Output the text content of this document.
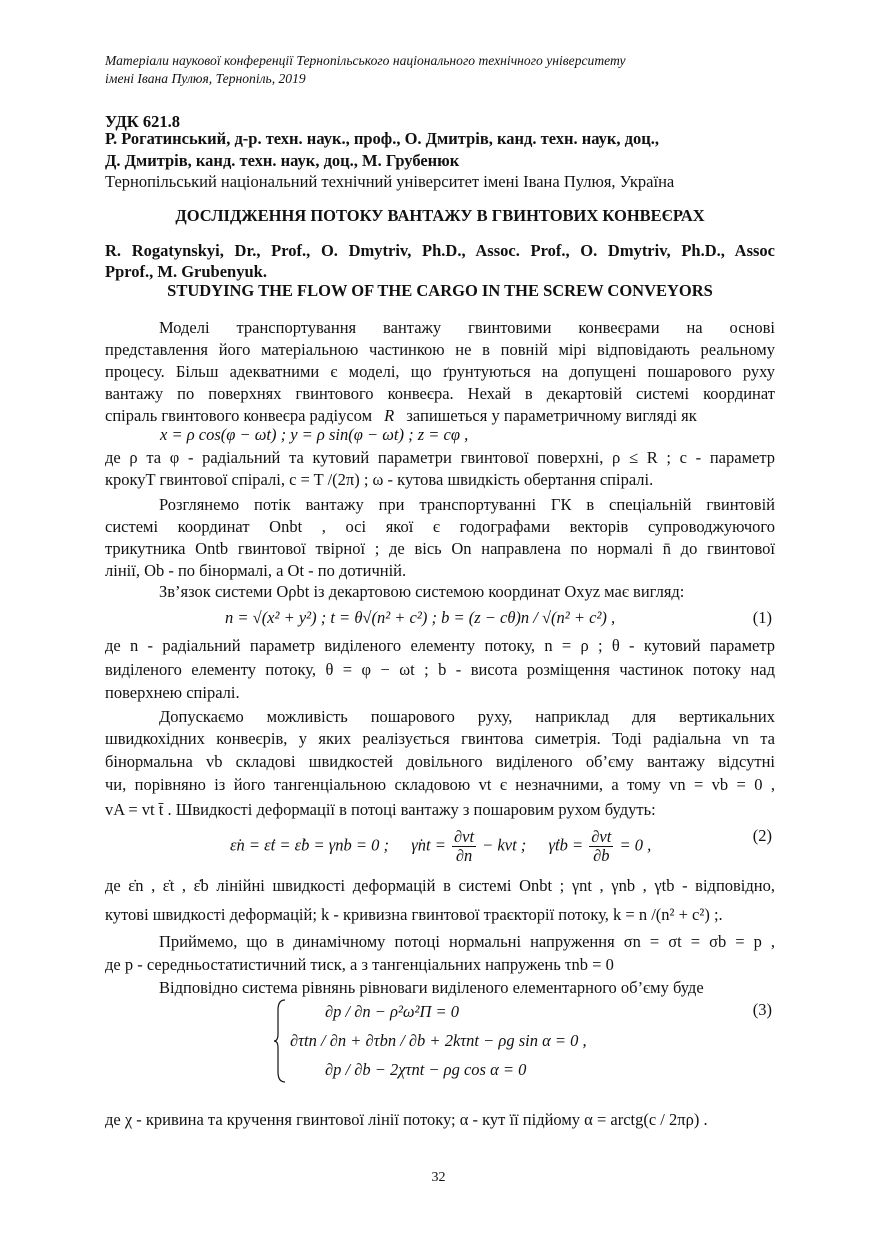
Матеріали наукової конференції Тернопільського національного технічного університету
імені Івана Пулюя, Тернопіль, 2019
УДК 621.8
Р. Рогатинський, д-р. техн. наук., проф., О. Дмитрів, канд. техн. наук, доц.,
Д. Дмитрів, канд. техн. наук, доц., М. Грубенюк
Тернопільський національний технічний університет імені Івана Пулюя, Україна
ДОСЛІДЖЕННЯ ПОТОКУ ВАНТАЖУ В ГВИНТОВИХ КОНВЕЄРАХ
R. Rogatynskyi, Dr., Prof., O. Dmytriv, Ph.D., Assoc. Prof., O. Dmytriv, Ph.D., Assoc
Pprof., M. Grubenyuk.
STUDYING THE FLOW OF THE CARGO IN THE SCREW CONVEYORS
Моделі транспортування вантажу гвинтовими конвеєрами на основі
представлення його матеріальною частинкою не в повній мірі відповідають реальному
процесу. Більш адекватними є моделі, що ґрунтуються на допущені пошарового руху
вантажу по поверхнях гвинтового конвеєра. Нехай в декартовій системі координат
спіраль гвинтового конвеєра радіусом R запишеться у параметричному вигляді як
x = ρ cos(φ − ωt) ; y = ρ sin(φ − ωt) ; z = cφ ,
де ρ та φ - радіальний та кутовий параметри гвинтової поверхні, ρ ≤ R ; c - параметр
крокуT гвинтової спіралі, c = T /(2π) ; ω - кутова швидкість обертання спіралі.
Розглянемо потік вантажу при транспортуванні ГК в спеціальній гвинтовій
системі координат Onbt , осі якої є годографами векторів супроводжуючого
трикутника Ontb гвинтової твірної ; де вісь On направлена по нормалі n̄ до гвинтової
лінії, Ob - по бінормалі, а Ot - по дотичній.
Зв’язок системи Oρbt із декартовою системою координат Oxyz має вигляд:
n = √(x² + y²) ; t = θ√(n² + c²) ; b = (z − cθ)n / √(n² + c²) ,	(1)
де n - радіальний параметр виділеного елементу потоку, n = ρ ; θ - кутовий параметр
виділеного елементу потоку, θ = φ − ωt ; b - висота розміщення частинок потоку над
поверхнею спіралі.
Допускаємо можливість пошарового руху, наприклад для вертикальних
швидкохідних конвеєрів, у яких реалізується гвинтова симетрія. Тоді радіальна vn та
бінормальна vb складові швидкостей довільного виділеного об’єму вантажу відсутні
чи, порівняно із його тангенціальною складовою vt є незначними, а тому vn = vb = 0 ,
vA = vt t̄ . Швидкості деформації в потоці вантажу з пошаровим рухом будуть:
ε̇n = ε̇t = ε̇b = γnb = 0 ; γ̇nt = $\frac{\partial vt}{\partial n}$ − kvt ; γ̇tb = $\frac{\partial vt}{\partial b} = 0$ ,	(2)
де ε̇n , ε̇t , ε̇b лінійні швидкості деформацій в системі Onbt ; γnt , γnb , γtb - відповідно,
кутові швидкості деформацій; k - кривизна гвинтової траєкторії потоку, k = n /(n² + c²) ;.
Приймемо, що в динамічному потоці нормальні напруження σn = σt = σb = p ,
де p - середньостатистичний тиск, а з тангенціальних напружень τnb = 0
Відповідно система рівнянь рівноваги виділеного елементарного об’єму буде
∂p / ∂n − ρ²ω²П = 0
∂τtn / ∂n + ∂τbn / ∂b + 2kτnt − ρg sin α = 0 ,
∂p / ∂b − 2χτnt − ρg cos α = 0
(3)
де χ - кривина та кручення гвинтової лінії потоку; α - кут її підйому α = arctg(c / 2πρ) .
32
